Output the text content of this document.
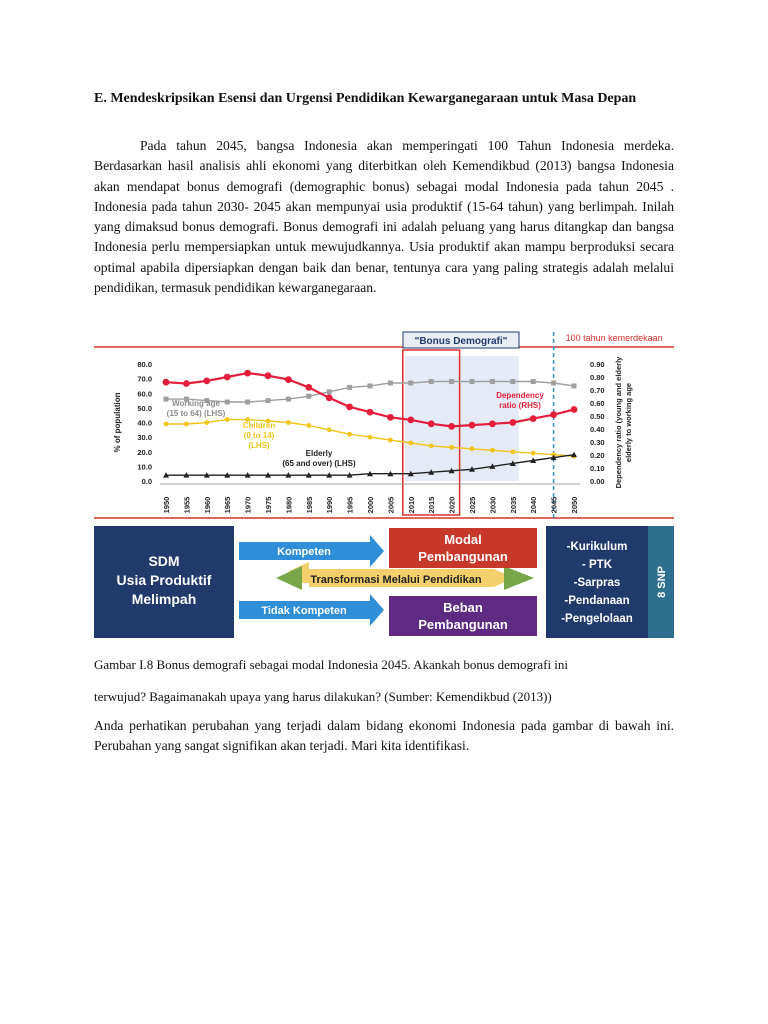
E. Mendeskripsikan Esensi dan Urgensi Pendidikan Kewarganegaraan untuk Masa Depan
Pada tahun 2045, bangsa Indonesia akan memperingati 100 Tahun Indonesia merdeka. Berdasarkan hasil analisis ahli ekonomi yang diterbitkan oleh Kemendikbud (2013) bangsa Indonesia akan mendapat bonus demografi (demographic bonus) sebagai modal Indonesia pada tahun 2045 . Indonesia pada tahun 2030- 2045 akan mempunyai usia produktif (15-64 tahun) yang berlimpah. Inilah yang dimaksud bonus demografi. Bonus demografi ini adalah peluang yang harus ditangkap dan bangsa Indonesia perlu mempersiapkan untuk mewujudkannya. Usia produktif akan mampu berproduksi secara optimal apabila dipersiapkan dengan baik dan benar, tentunya cara yang paling strategis adalah melalui pendidikan, termasuk pendidikan kewarganegaraan.
"Bonus Demografi"	100 tahun kemerdekaan
0.0
10.0
20.0
30.0
40.0
50.0
60.0
70.0
80.0
0.00
0.10
0.20
0.30
0.40
0.50
0.60
0.70
0.80
0.90
% of population	Dependency ratio (young and elderly elderly to working age
1950 1955 1960 1965 1970 1975 1980 1985 1990 1995 2000 2005 2010 2015 2020 2025 2030 2035 2040 2045 2050
Working age
(15 to 64) (LHS)
Children
(0 to 14)
(LHS)
Elderly
(65 and over) (LHS)
Dependency
ratio (RHS)
SDM
Usia Produktif
Melimpah
Kompeten
Tidak Kompeten
Transformasi Melalui Pendidikan
Modal
Pembangunan
Beban
Pembangunan
-Kurikulum
- PTK
-Sarpras
-Pendanaan
-Pengelolaan
8 SNP
Gambar I.8 Bonus demografi sebagai modal Indonesia 2045. Akankah bonus demografi ini
terwujud? Bagaimanakah upaya yang harus dilakukan? (Sumber: Kemendikbud (2013))
Anda perhatikan perubahan yang terjadi dalam bidang ekonomi Indonesia pada gambar di bawah ini. Perubahan yang sangat signifikan akan terjadi. Mari kita identifikasi.
